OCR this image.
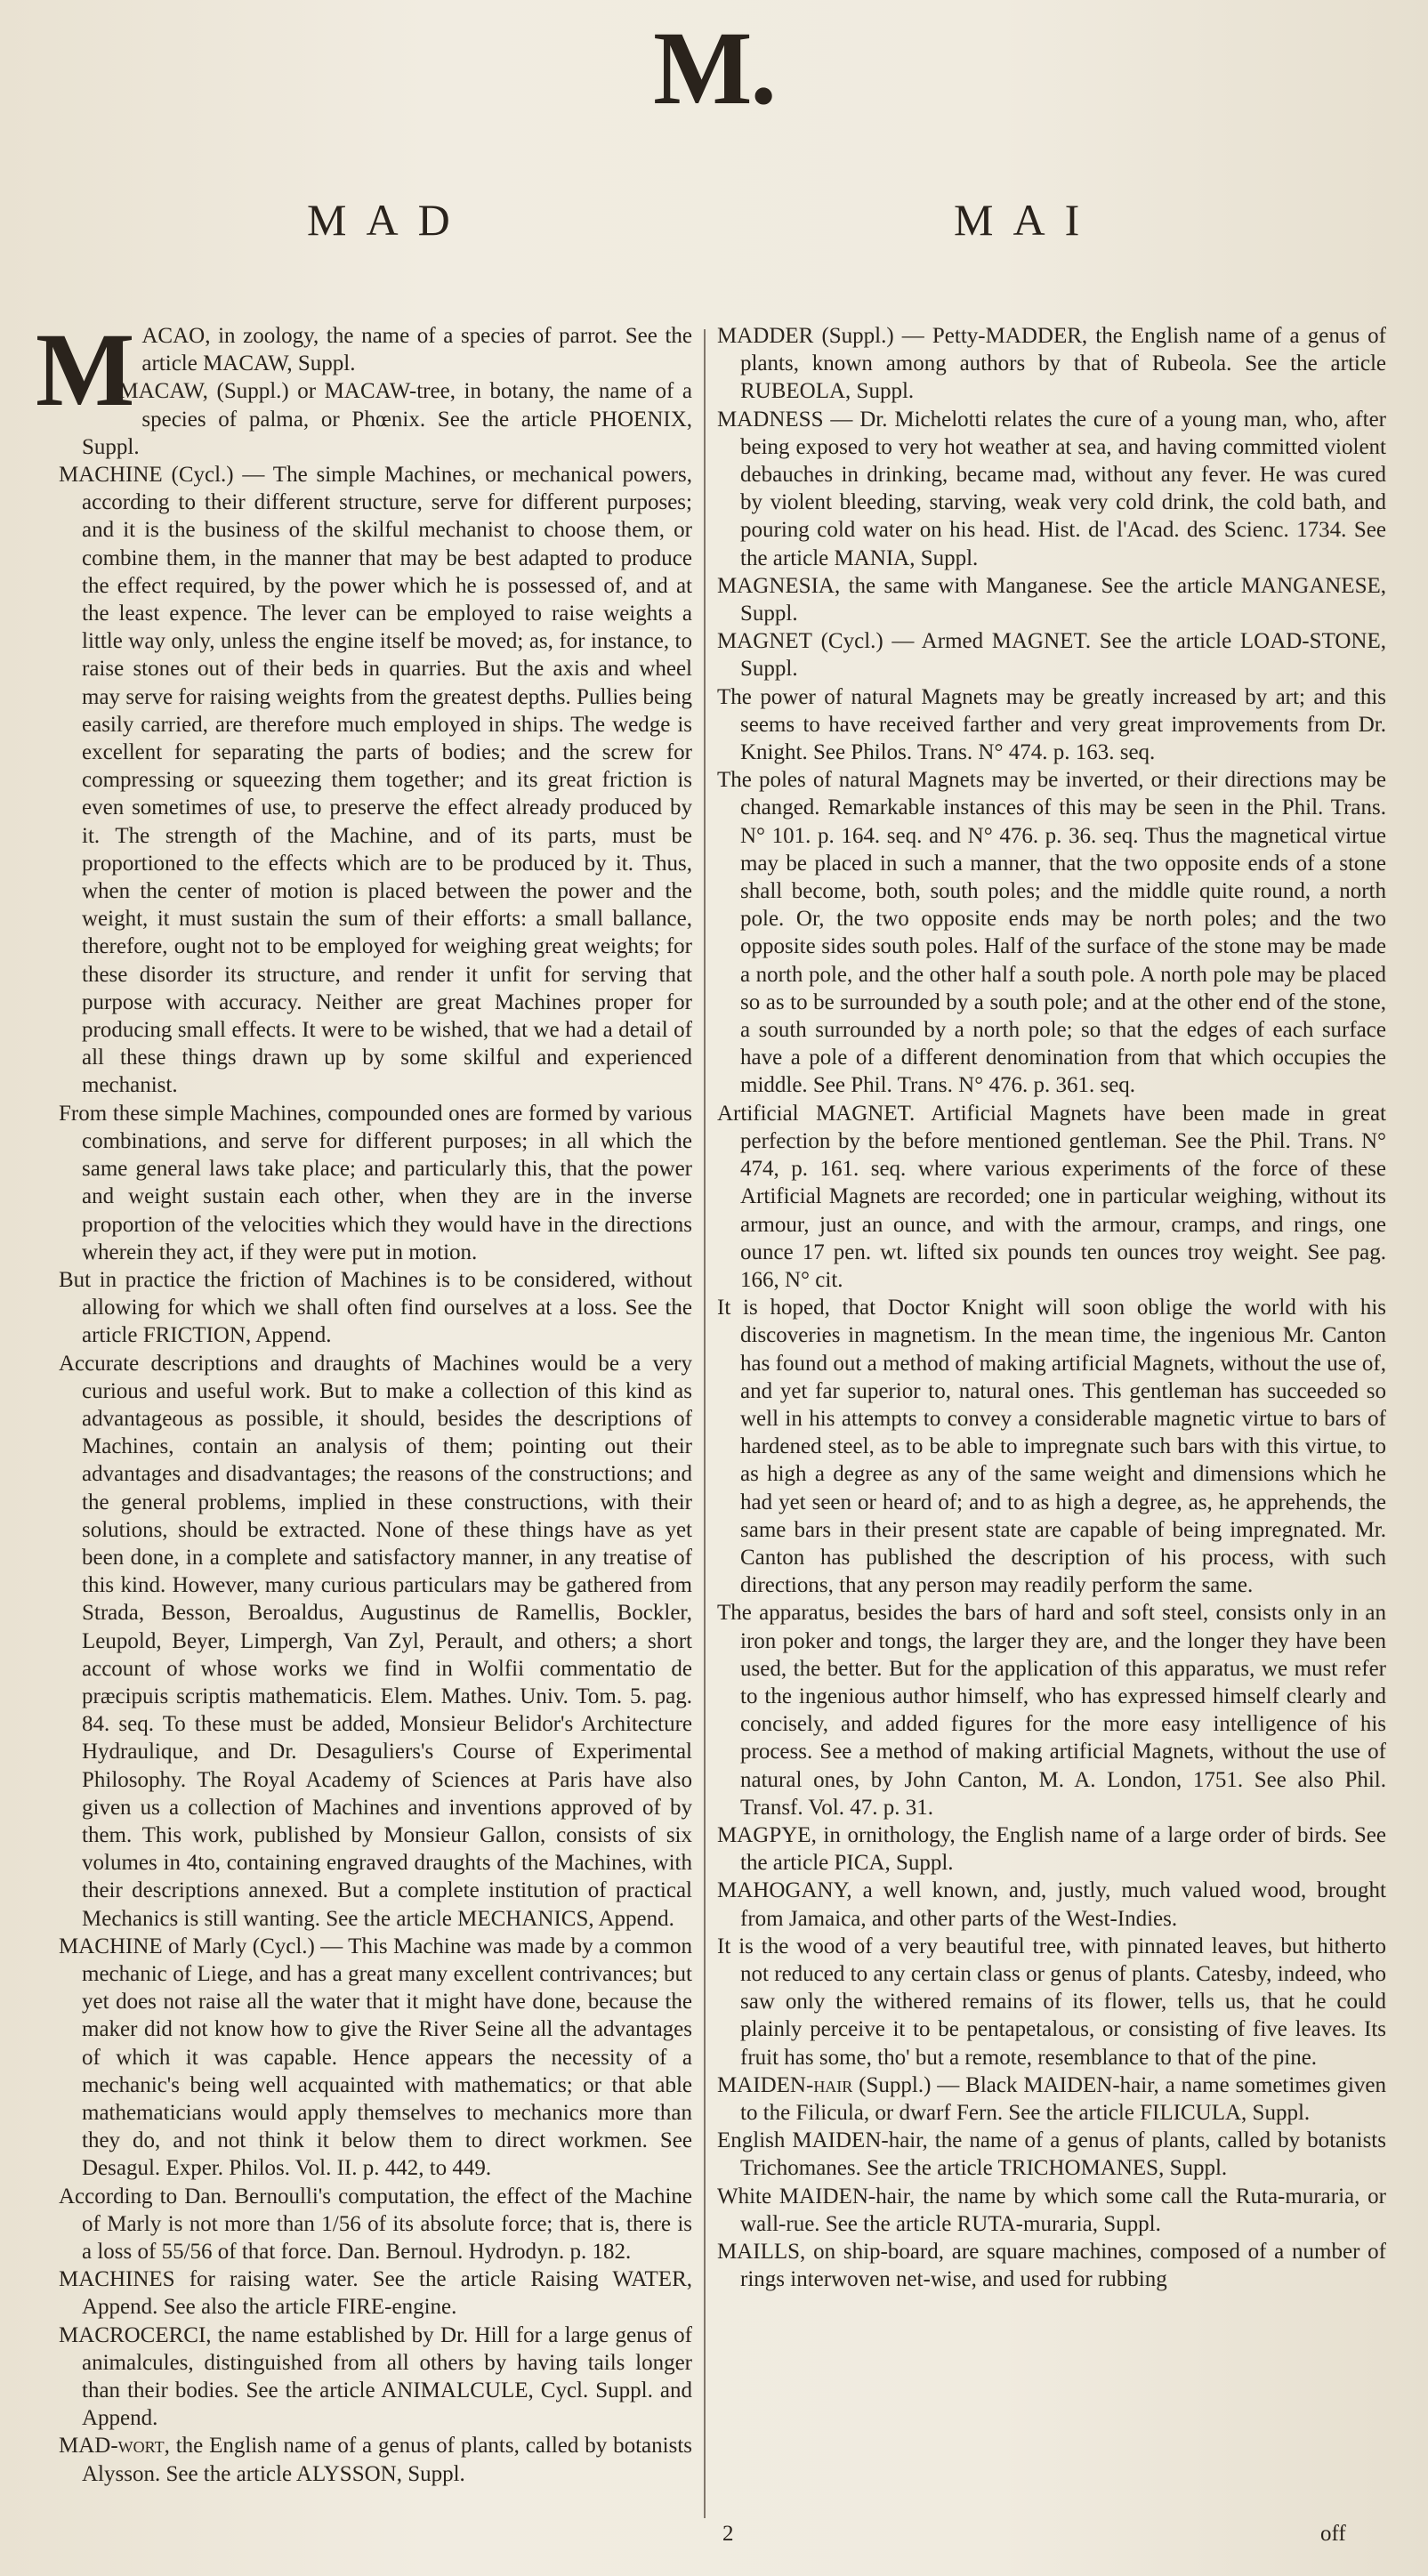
M.
MAD	MAI

MACAO, in zoology, the name of a species of parrot. See the article MACAW, Suppl.

MACAW, (Suppl.) or MACAW-tree, in botany, the name of a species of palma, or Phœnix. See the article PHOENIX, Suppl.

MACHINE (Cycl.) — The simple Machines, or mechanical powers, according to their different structure, serve for different purposes; and it is the business of the skilful mechanist to choose them, or combine them, in the manner that may be best adapted to produce the effect required, by the power which he is possessed of, and at the least expence. The lever can be employed to raise weights a little way only, unless the engine itself be moved; as, for instance, to raise stones out of their beds in quarries. But the axis and wheel may serve for raising weights from the greatest depths. Pullies being easily carried, are therefore much employed in ships. The wedge is excellent for separating the parts of bodies; and the screw for compressing or squeezing them together; and its great friction is even sometimes of use, to preserve the effect already produced by it. The strength of the Machine, and of its parts, must be proportioned to the effects which are to be produced by it. Thus, when the center of motion is placed between the power and the weight, it must sustain the sum of their efforts: a small ballance, therefore, ought not to be employed for weighing great weights; for these disorder its structure, and render it unfit for serving that purpose with accuracy. Neither are great Machines proper for producing small effects. It were to be wished, that we had a detail of all these things drawn up by some skilful and experienced mechanist.

From these simple Machines, compounded ones are formed by various combinations, and serve for different purposes; in all which the same general laws take place; and particularly this, that the power and weight sustain each other, when they are in the inverse proportion of the velocities which they would have in the directions wherein they act, if they were put in motion.

But in practice the friction of Machines is to be considered, without allowing for which we shall often find ourselves at a loss. See the article FRICTION, Append.

Accurate descriptions and draughts of Machines would be a very curious and useful work. But to make a collection of this kind as advantageous as possible, it should, besides the descriptions of Machines, contain an analysis of them; pointing out their advantages and disadvantages; the reasons of the constructions; and the general problems, implied in these constructions, with their solutions, should be extracted. None of these things have as yet been done, in a complete and satisfactory manner, in any treatise of this kind. However, many curious particulars may be gathered from Strada, Besson, Beroaldus, Augustinus de Ramellis, Bockler, Leupold, Beyer, Limpergh, Van Zyl, Perault, and others; a short account of whose works we find in Wolfii commentatio de præcipuis scriptis mathematicis. Elem. Mathes. Univ. Tom. 5. pag. 84. seq. To these must be added, Monsieur Belidor's Architecture Hydraulique, and Dr. Desaguliers's Course of Experimental Philosophy. The Royal Academy of Sciences at Paris have also given us a collection of Machines and inventions approved of by them. This work, published by Monsieur Gallon, consists of six volumes in 4to, containing engraved draughts of the Machines, with their descriptions annexed. But a complete institution of practical Mechanics is still wanting. See the article MECHANICS, Append.

MACHINE of Marly (Cycl.) — This Machine was made by a common mechanic of Liege, and has a great many excellent contrivances; but yet does not raise all the water that it might have done, because the maker did not know how to give the River Seine all the advantages of which it was capable. Hence appears the necessity of a mechanic's being well acquainted with mathematics; or that able mathematicians would apply themselves to mechanics more than they do, and not think it below them to direct workmen. See Desagul. Exper. Philos. Vol. II. p. 442, to 449.

According to Dan. Bernoulli's computation, the effect of the Machine of Marly is not more than 1/56 of its absolute force; that is, there is a loss of 55/56 of that force. Dan. Bernoul. Hydrodyn. p. 182.

MACHINES for raising water. See the article Raising WATER, Append. See also the article FIRE-engine.

MACROCERCI, the name established by Dr. Hill for a large genus of animalcules, distinguished from all others by having tails longer than their bodies. See the article ANIMALCULE, Cycl. Suppl. and Append.

MAD-wort, the English name of a genus of plants, called by botanists Alysson. See the article ALYSSON, Suppl.

MADDER (Suppl.) — Petty-MADDER, the English name of a genus of plants, known among authors by that of Rubeola. See the article RUBEOLA, Suppl.

MADNESS — Dr. Michelotti relates the cure of a young man, who, after being exposed to very hot weather at sea, and having committed violent debauches in drinking, became mad, without any fever. He was cured by violent bleeding, starving, weak very cold drink, the cold bath, and pouring cold water on his head. Hist. de l'Acad. des Scienc. 1734. See the article MANIA, Suppl.

MAGNESIA, the same with Manganese. See the article MANGANESE, Suppl.

MAGNET (Cycl.) — Armed MAGNET. See the article LOAD-STONE, Suppl.

The power of natural Magnets may be greatly increased by art; and this seems to have received farther and very great improvements from Dr. Knight. See Philos. Trans. N° 474. p. 163. seq.

The poles of natural Magnets may be inverted, or their directions may be changed. Remarkable instances of this may be seen in the Phil. Trans. N° 101. p. 164. seq. and N° 476. p. 36. seq. Thus the magnetical virtue may be placed in such a manner, that the two opposite ends of a stone shall become, both, south poles; and the middle quite round, a north pole. Or, the two opposite ends may be north poles; and the two opposite sides south poles. Half of the surface of the stone may be made a north pole, and the other half a south pole. A north pole may be placed so as to be surrounded by a south pole; and at the other end of the stone, a south surrounded by a north pole; so that the edges of each surface have a pole of a different denomination from that which occupies the middle. See Phil. Trans. N° 476. p. 361. seq.

Artificial MAGNET. Artificial Magnets have been made in great perfection by the before mentioned gentleman. See the Phil. Trans. N° 474, p. 161. seq. where various experiments of the force of these Artificial Magnets are recorded; one in particular weighing, without its armour, just an ounce, and with the armour, cramps, and rings, one ounce 17 pen. wt. lifted six pounds ten ounces troy weight. See pag. 166, N° cit.

It is hoped, that Doctor Knight will soon oblige the world with his discoveries in magnetism. In the mean time, the ingenious Mr. Canton has found out a method of making artificial Magnets, without the use of, and yet far superior to, natural ones. This gentleman has succeeded so well in his attempts to convey a considerable magnetic virtue to bars of hardened steel, as to be able to impregnate such bars with this virtue, to as high a degree as any of the same weight and dimensions which he had yet seen or heard of; and to as high a degree, as, he apprehends, the same bars in their present state are capable of being impregnated. Mr. Canton has published the description of his process, with such directions, that any person may readily perform the same.

The apparatus, besides the bars of hard and soft steel, consists only in an iron poker and tongs, the larger they are, and the longer they have been used, the better. But for the application of this apparatus, we must refer to the ingenious author himself, who has expressed himself clearly and concisely, and added figures for the more easy intelligence of his process. See a method of making artificial Magnets, without the use of natural ones, by John Canton, M. A. London, 1751. See also Phil. Transf. Vol. 47. p. 31.

MAGPYE, in ornithology, the English name of a large order of birds. See the article PICA, Suppl.

MAHOGANY, a well known, and, justly, much valued wood, brought from Jamaica, and other parts of the West-Indies.

It is the wood of a very beautiful tree, with pinnated leaves, but hitherto not reduced to any certain class or genus of plants. Catesby, indeed, who saw only the withered remains of its flower, tells us, that he could plainly perceive it to be pentapetalous, or consisting of five leaves. Its fruit has some, tho' but a remote, resemblance to that of the pine.

MAIDEN-hair (Suppl.) — Black MAIDEN-hair, a name sometimes given to the Filicula, or dwarf Fern. See the article FILICULA, Suppl.

English MAIDEN-hair, the name of a genus of plants, called by botanists Trichomanes. See the article TRICHOMANES, Suppl.

White MAIDEN-hair, the name by which some call the Ruta-muraria, or wall-rue. See the article RUTA-muraria, Suppl.

MAILLS, on ship-board, are square machines, composed of a number of rings interwoven net-wise, and used for rubbing

2	off
